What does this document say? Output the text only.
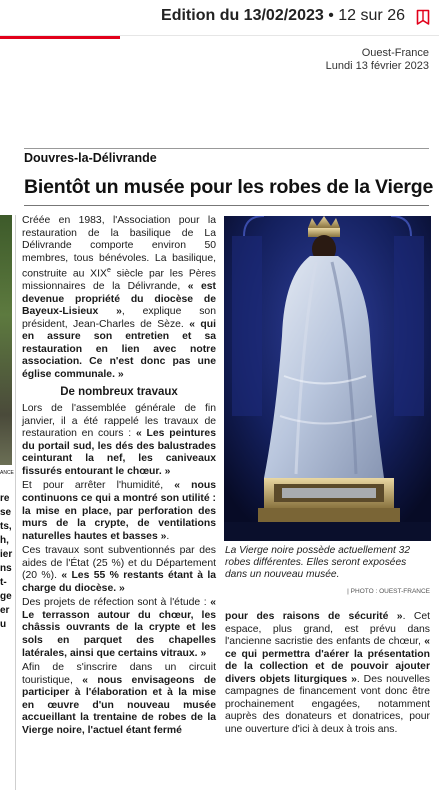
Edition du 13/02/2023 • 12 sur 26
Ouest-France
Lundi 13 février 2023
Douvres-la-Délivrande
Bientôt un musée pour les robes de la Vierge
ANCE
re
se
ts,
h,
ier
ns
t-
ge
er
u

Créée en 1983, l'Association pour la restauration de la basilique de La Délivrande comporte environ 50 membres, tous bénévoles. La basilique, construite au XIXe siècle par les Pères missionnaires de la Délivrande, « est devenue propriété du diocèse de Bayeux-Lisieux », explique son président, Jean-Charles de Sèze. « qui en assure son entretien et sa restauration en lien avec notre association. Ce n'est donc pas une église communale. »

De nombreux travaux

Lors de l'assemblée générale de fin janvier, il a été rappelé les travaux de restauration en cours : « Les peintures du portail sud, les dés des balustrades ceinturant la nef, les caniveaux fissurés entourant le chœur. »

Et pour arrêter l'humidité, « nous continuons ce qui a montré son utilité : la mise en place, par perforation des murs de la crypte, de ventilations naturelles hautes et basses ».

Ces travaux sont subventionnés par des aides de l'État (25 %) et du Département (20 %). « Les 55 % restants étant à la charge du diocèse. »

Des projets de réfection sont à l'étude : « Le terrasson autour du chœur, les châssis ouvrants de la crypte et les sols en parquet des chapelles latérales, ainsi que certains vitraux. »

Afin de s'inscrire dans un circuit touristique, « nous envisageons de participer à l'élaboration et à la mise en œuvre d'un nouveau musée accueillant la trentaine de robes de la Vierge noire, l'actuel étant fermé

La Vierge noire possède actuellement 32 robes différentes. Elles seront exposées dans un nouveau musée.
| PHOTO : OUEST-FRANCE

pour des raisons de sécurité ». Cet espace, plus grand, est prévu dans l'ancienne sacristie des enfants de chœur, « ce qui permettra d'aérer la présentation de la collection et de pouvoir ajouter divers objets liturgiques ». Des nouvelles campagnes de financement vont donc être prochainement engagées, notamment auprès des donateurs et donatrices, pour une ouverture d'ici à deux à trois ans.
